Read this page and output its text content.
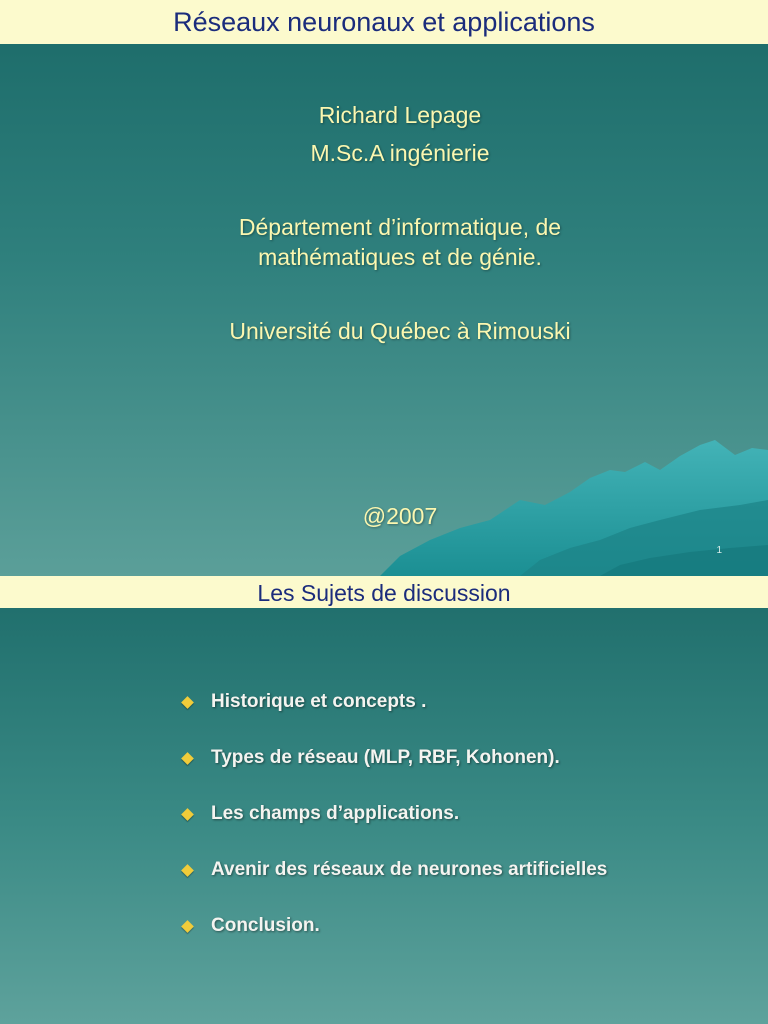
Réseaux neuronaux et applications
Richard Lepage
M.Sc.A ingénierie
Département d’informatique, de
mathématiques et de génie.
Université du Québec à Rimouski
@2007
1
Les Sujets de discussion
Historique et concepts .
Types de réseau (MLP, RBF, Kohonen).
Les champs d’applications.
Avenir des réseaux de neurones artificielles
Conclusion.
